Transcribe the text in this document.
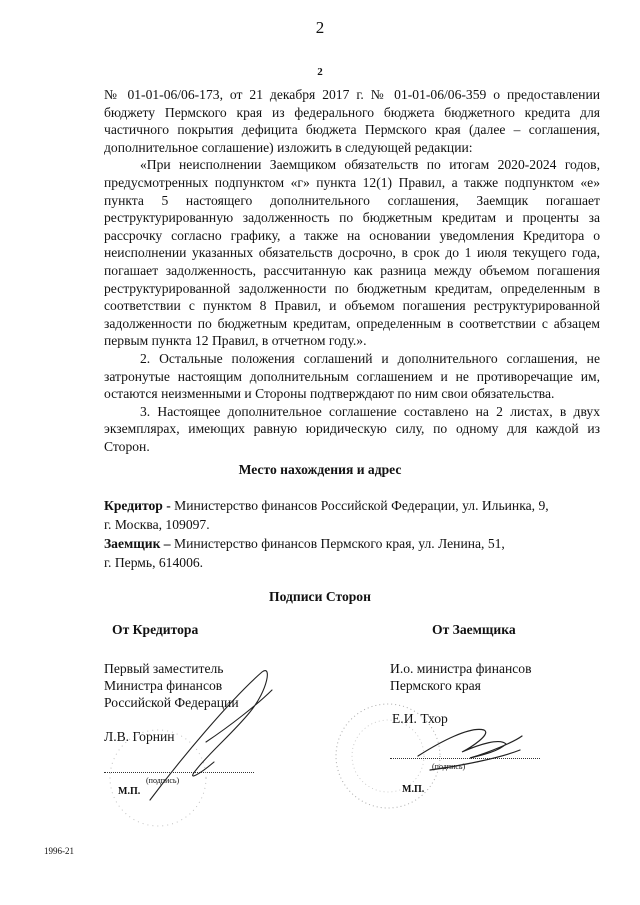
2
2

№ 01-01-06/06-173, от 21 декабря 2017 г. № 01-01-06/06-359 о предоставлении бюджету Пермского края из федерального бюджета бюджетного кредита для частичного покрытия дефицита бюджета Пермского края (далее – соглашения, дополнительное соглашение) изложить в следующей редакции:

«При неисполнении Заемщиком обязательств по итогам 2020-2024 годов, предусмотренных подпунктом «г» пункта 12(1) Правил, а также подпунктом «е» пункта 5 настоящего дополнительного соглашения, Заемщик погашает реструктурированную задолженность по бюджетным кредитам и проценты за рассрочку согласно графику, а также на основании уведомления Кредитора о неисполнении указанных обязательств досрочно, в срок до 1 июля текущего года, погашает задолженность, рассчитанную как разница между объемом погашения реструктурированной задолженности по бюджетным кредитам, определенным в соответствии с пунктом 8 Правил, и объемом погашения реструктурированной задолженности по бюджетным кредитам, определенным в соответствии с абзацем первым пункта 12 Правил, в отчетном году.».

2. Остальные положения соглашений и дополнительного соглашения, не затронутые настоящим дополнительным соглашением и не противоречащие им, остаются неизменными и Стороны подтверждают по ним свои обязательства.

3. Настоящее дополнительное соглашение составлено на 2 листах, в двух экземплярах, имеющих равную юридическую силу, по одному для каждой из Сторон.

Место нахождения и адрес
Кредитор - Министерство финансов Российской Федерации, ул. Ильинка, 9,
г. Москва, 109097.
Заемщик – Министерство финансов Пермского края, ул. Ленина, 51,
г. Пермь, 614006.
Подписи Сторон
От Кредитора	От Заемщика
Первый заместитель
Министра финансов
Российской Федерации
Л.В. Горнин
(подпись)
М.П.
И.о. министра финансов
Пермского края
Е.И. Тхор
(подпись)
М.П.
1996-21
